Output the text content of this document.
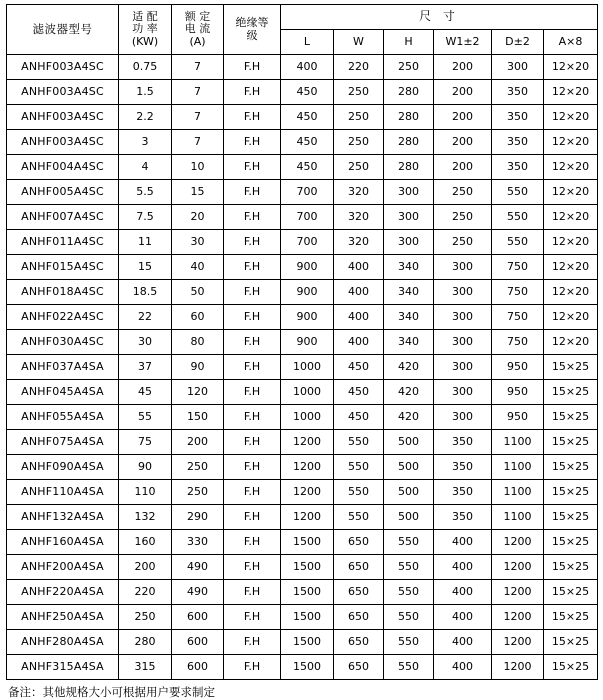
滤波器型号	
适 配
功 率
(KW)

额 定
电 流
(A)

绝缘等
级
	尺 寸
				L	W	H	W1±2	D±2	A×8
ANHF003A4SC	0.75	7	F.H	400	220	250	200	300	12×20
ANHF003A4SC	1.5	7	F.H	450	250	280	200	350	12×20
ANHF003A4SC	2.2	7	F.H	450	250	280	200	350	12×20
ANHF003A4SC	3	7	F.H	450	250	280	200	350	12×20
ANHF004A4SC	4	10	F.H	450	250	280	200	350	12×20
ANHF005A4SC	5.5	15	F.H	700	320	300	250	550	12×20
ANHF007A4SC	7.5	20	F.H	700	320	300	250	550	12×20
ANHF011A4SC	11	30	F.H	700	320	300	250	550	12×20
ANHF015A4SC	15	40	F.H	900	400	340	300	750	12×20
ANHF018A4SC	18.5	50	F.H	900	400	340	300	750	12×20
ANHF022A4SC	22	60	F.H	900	400	340	300	750	12×20
ANHF030A4SC	30	80	F.H	900	400	340	300	750	12×20
ANHF037A4SA	37	90	F.H	1000	450	420	300	950	15×25
ANHF045A4SA	45	120	F.H	1000	450	420	300	950	15×25
ANHF055A4SA	55	150	F.H	1000	450	420	300	950	15×25
ANHF075A4SA	75	200	F.H	1200	550	500	350	1100	15×25
ANHF090A4SA	90	250	F.H	1200	550	500	350	1100	15×25
ANHF110A4SA	110	250	F.H	1200	550	500	350	1100	15×25
ANHF132A4SA	132	290	F.H	1200	550	500	350	1100	15×25
ANHF160A4SA	160	330	F.H	1500	650	550	400	1200	15×25
ANHF200A4SA	200	490	F.H	1500	650	550	400	1200	15×25
ANHF220A4SA	220	490	F.H	1500	650	550	400	1200	15×25
ANHF250A4SA	250	600	F.H	1500	650	550	400	1200	15×25
ANHF280A4SA	280	600	F.H	1500	650	550	400	1200	15×25
ANHF315A4SA	315	600	F.H	1500	650	550	400	1200	15×25
备注：其他规格大小可根据用户要求制定
